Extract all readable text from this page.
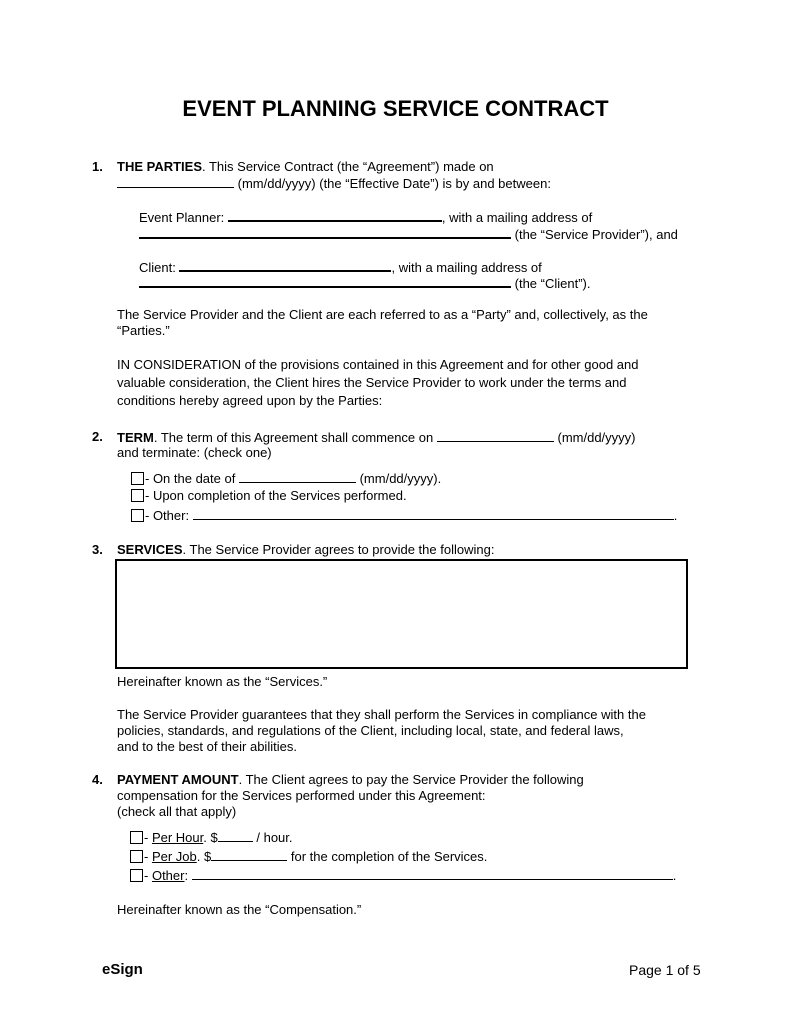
EVENT PLANNING SERVICE CONTRACT
1. THE PARTIES. This Service Contract (the “Agreement”) made on
(mm/dd/yyyy) (the “Effective Date”) is by and between:
Event Planner:	, with a mailing address of
(the “Service Provider”), and
Client:	, with a mailing address of
(the “Client”).
The Service Provider and the Client are each referred to as a “Party” and, collectively, as the
“Parties.”
IN CONSIDERATION of the provisions contained in this Agreement and for other good and
valuable consideration, the Client hires the Service Provider to work under the terms and
conditions hereby agreed upon by the Parties:
2. TERM. The term of this Agreement shall commence on	(mm/dd/yyyy)
and terminate: (check one)
- On the date of	(mm/dd/yyyy).
- Upon completion of the Services performed.
- Other:	.
3. SERVICES. The Service Provider agrees to provide the following:
Hereinafter known as the “Services.”
The Service Provider guarantees that they shall perform the Services in compliance with the
policies, standards, and regulations of the Client, including local, state, and federal laws,
and to the best of their abilities.
4. PAYMENT AMOUNT. The Client agrees to pay the Service Provider the following
compensation for the Services performed under this Agreement:
(check all that apply)
- Per Hour. $	/ hour.
- Per Job. $	for the completion of the Services.
- Other:	.
Hereinafter known as the “Compensation.”
eSign	Page 1 of 5
